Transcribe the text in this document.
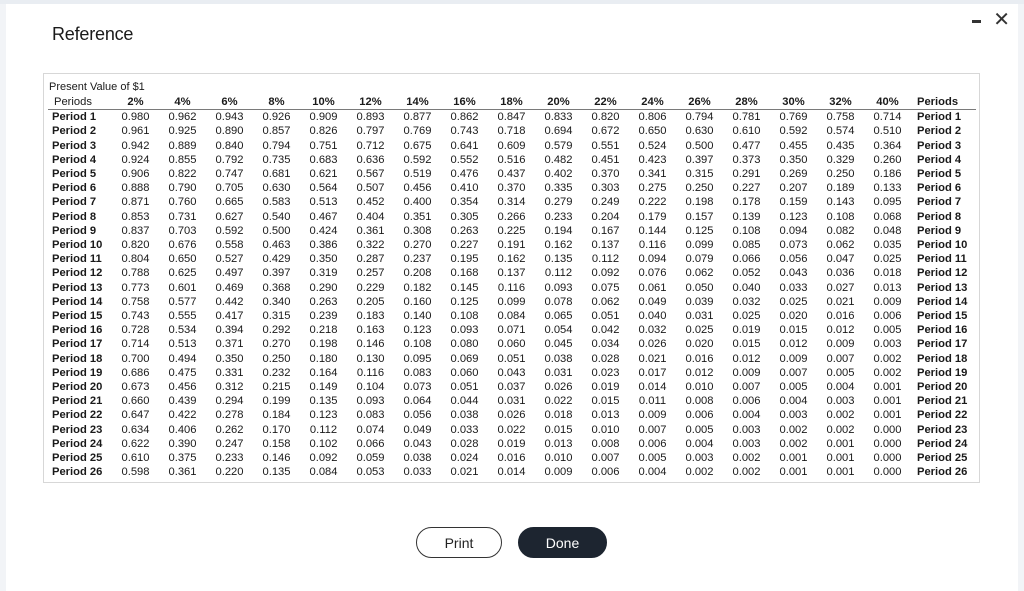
Reference
✕
Present Value of $1
Periods	2%	4%	6%	8%	10%	12%	14%	16%	18%	20%	22%	24%	26%	28%	30%	32%	40%	Periods
Period 1	0.980	0.962	0.943	0.926	0.909	0.893	0.877	0.862	0.847	0.833	0.820	0.806	0.794	0.781	0.769	0.758	0.714	Period 1
Period 2	0.961	0.925	0.890	0.857	0.826	0.797	0.769	0.743	0.718	0.694	0.672	0.650	0.630	0.610	0.592	0.574	0.510	Period 2
Period 3	0.942	0.889	0.840	0.794	0.751	0.712	0.675	0.641	0.609	0.579	0.551	0.524	0.500	0.477	0.455	0.435	0.364	Period 3
Period 4	0.924	0.855	0.792	0.735	0.683	0.636	0.592	0.552	0.516	0.482	0.451	0.423	0.397	0.373	0.350	0.329	0.260	Period 4
Period 5	0.906	0.822	0.747	0.681	0.621	0.567	0.519	0.476	0.437	0.402	0.370	0.341	0.315	0.291	0.269	0.250	0.186	Period 5
Period 6	0.888	0.790	0.705	0.630	0.564	0.507	0.456	0.410	0.370	0.335	0.303	0.275	0.250	0.227	0.207	0.189	0.133	Period 6
Period 7	0.871	0.760	0.665	0.583	0.513	0.452	0.400	0.354	0.314	0.279	0.249	0.222	0.198	0.178	0.159	0.143	0.095	Period 7
Period 8	0.853	0.731	0.627	0.540	0.467	0.404	0.351	0.305	0.266	0.233	0.204	0.179	0.157	0.139	0.123	0.108	0.068	Period 8
Period 9	0.837	0.703	0.592	0.500	0.424	0.361	0.308	0.263	0.225	0.194	0.167	0.144	0.125	0.108	0.094	0.082	0.048	Period 9
Period 10	0.820	0.676	0.558	0.463	0.386	0.322	0.270	0.227	0.191	0.162	0.137	0.116	0.099	0.085	0.073	0.062	0.035	Period 10
Period 11	0.804	0.650	0.527	0.429	0.350	0.287	0.237	0.195	0.162	0.135	0.112	0.094	0.079	0.066	0.056	0.047	0.025	Period 11
Period 12	0.788	0.625	0.497	0.397	0.319	0.257	0.208	0.168	0.137	0.112	0.092	0.076	0.062	0.052	0.043	0.036	0.018	Period 12
Period 13	0.773	0.601	0.469	0.368	0.290	0.229	0.182	0.145	0.116	0.093	0.075	0.061	0.050	0.040	0.033	0.027	0.013	Period 13
Period 14	0.758	0.577	0.442	0.340	0.263	0.205	0.160	0.125	0.099	0.078	0.062	0.049	0.039	0.032	0.025	0.021	0.009	Period 14
Period 15	0.743	0.555	0.417	0.315	0.239	0.183	0.140	0.108	0.084	0.065	0.051	0.040	0.031	0.025	0.020	0.016	0.006	Period 15
Period 16	0.728	0.534	0.394	0.292	0.218	0.163	0.123	0.093	0.071	0.054	0.042	0.032	0.025	0.019	0.015	0.012	0.005	Period 16
Period 17	0.714	0.513	0.371	0.270	0.198	0.146	0.108	0.080	0.060	0.045	0.034	0.026	0.020	0.015	0.012	0.009	0.003	Period 17
Period 18	0.700	0.494	0.350	0.250	0.180	0.130	0.095	0.069	0.051	0.038	0.028	0.021	0.016	0.012	0.009	0.007	0.002	Period 18
Period 19	0.686	0.475	0.331	0.232	0.164	0.116	0.083	0.060	0.043	0.031	0.023	0.017	0.012	0.009	0.007	0.005	0.002	Period 19
Period 20	0.673	0.456	0.312	0.215	0.149	0.104	0.073	0.051	0.037	0.026	0.019	0.014	0.010	0.007	0.005	0.004	0.001	Period 20
Period 21	0.660	0.439	0.294	0.199	0.135	0.093	0.064	0.044	0.031	0.022	0.015	0.011	0.008	0.006	0.004	0.003	0.001	Period 21
Period 22	0.647	0.422	0.278	0.184	0.123	0.083	0.056	0.038	0.026	0.018	0.013	0.009	0.006	0.004	0.003	0.002	0.001	Period 22
Period 23	0.634	0.406	0.262	0.170	0.112	0.074	0.049	0.033	0.022	0.015	0.010	0.007	0.005	0.003	0.002	0.002	0.000	Period 23
Period 24	0.622	0.390	0.247	0.158	0.102	0.066	0.043	0.028	0.019	0.013	0.008	0.006	0.004	0.003	0.002	0.001	0.000	Period 24
Period 25	0.610	0.375	0.233	0.146	0.092	0.059	0.038	0.024	0.016	0.010	0.007	0.005	0.003	0.002	0.001	0.001	0.000	Period 25
Period 26	0.598	0.361	0.220	0.135	0.084	0.053	0.033	0.021	0.014	0.009	0.006	0.004	0.002	0.002	0.001	0.001	0.000	Period 26
Print	Done
